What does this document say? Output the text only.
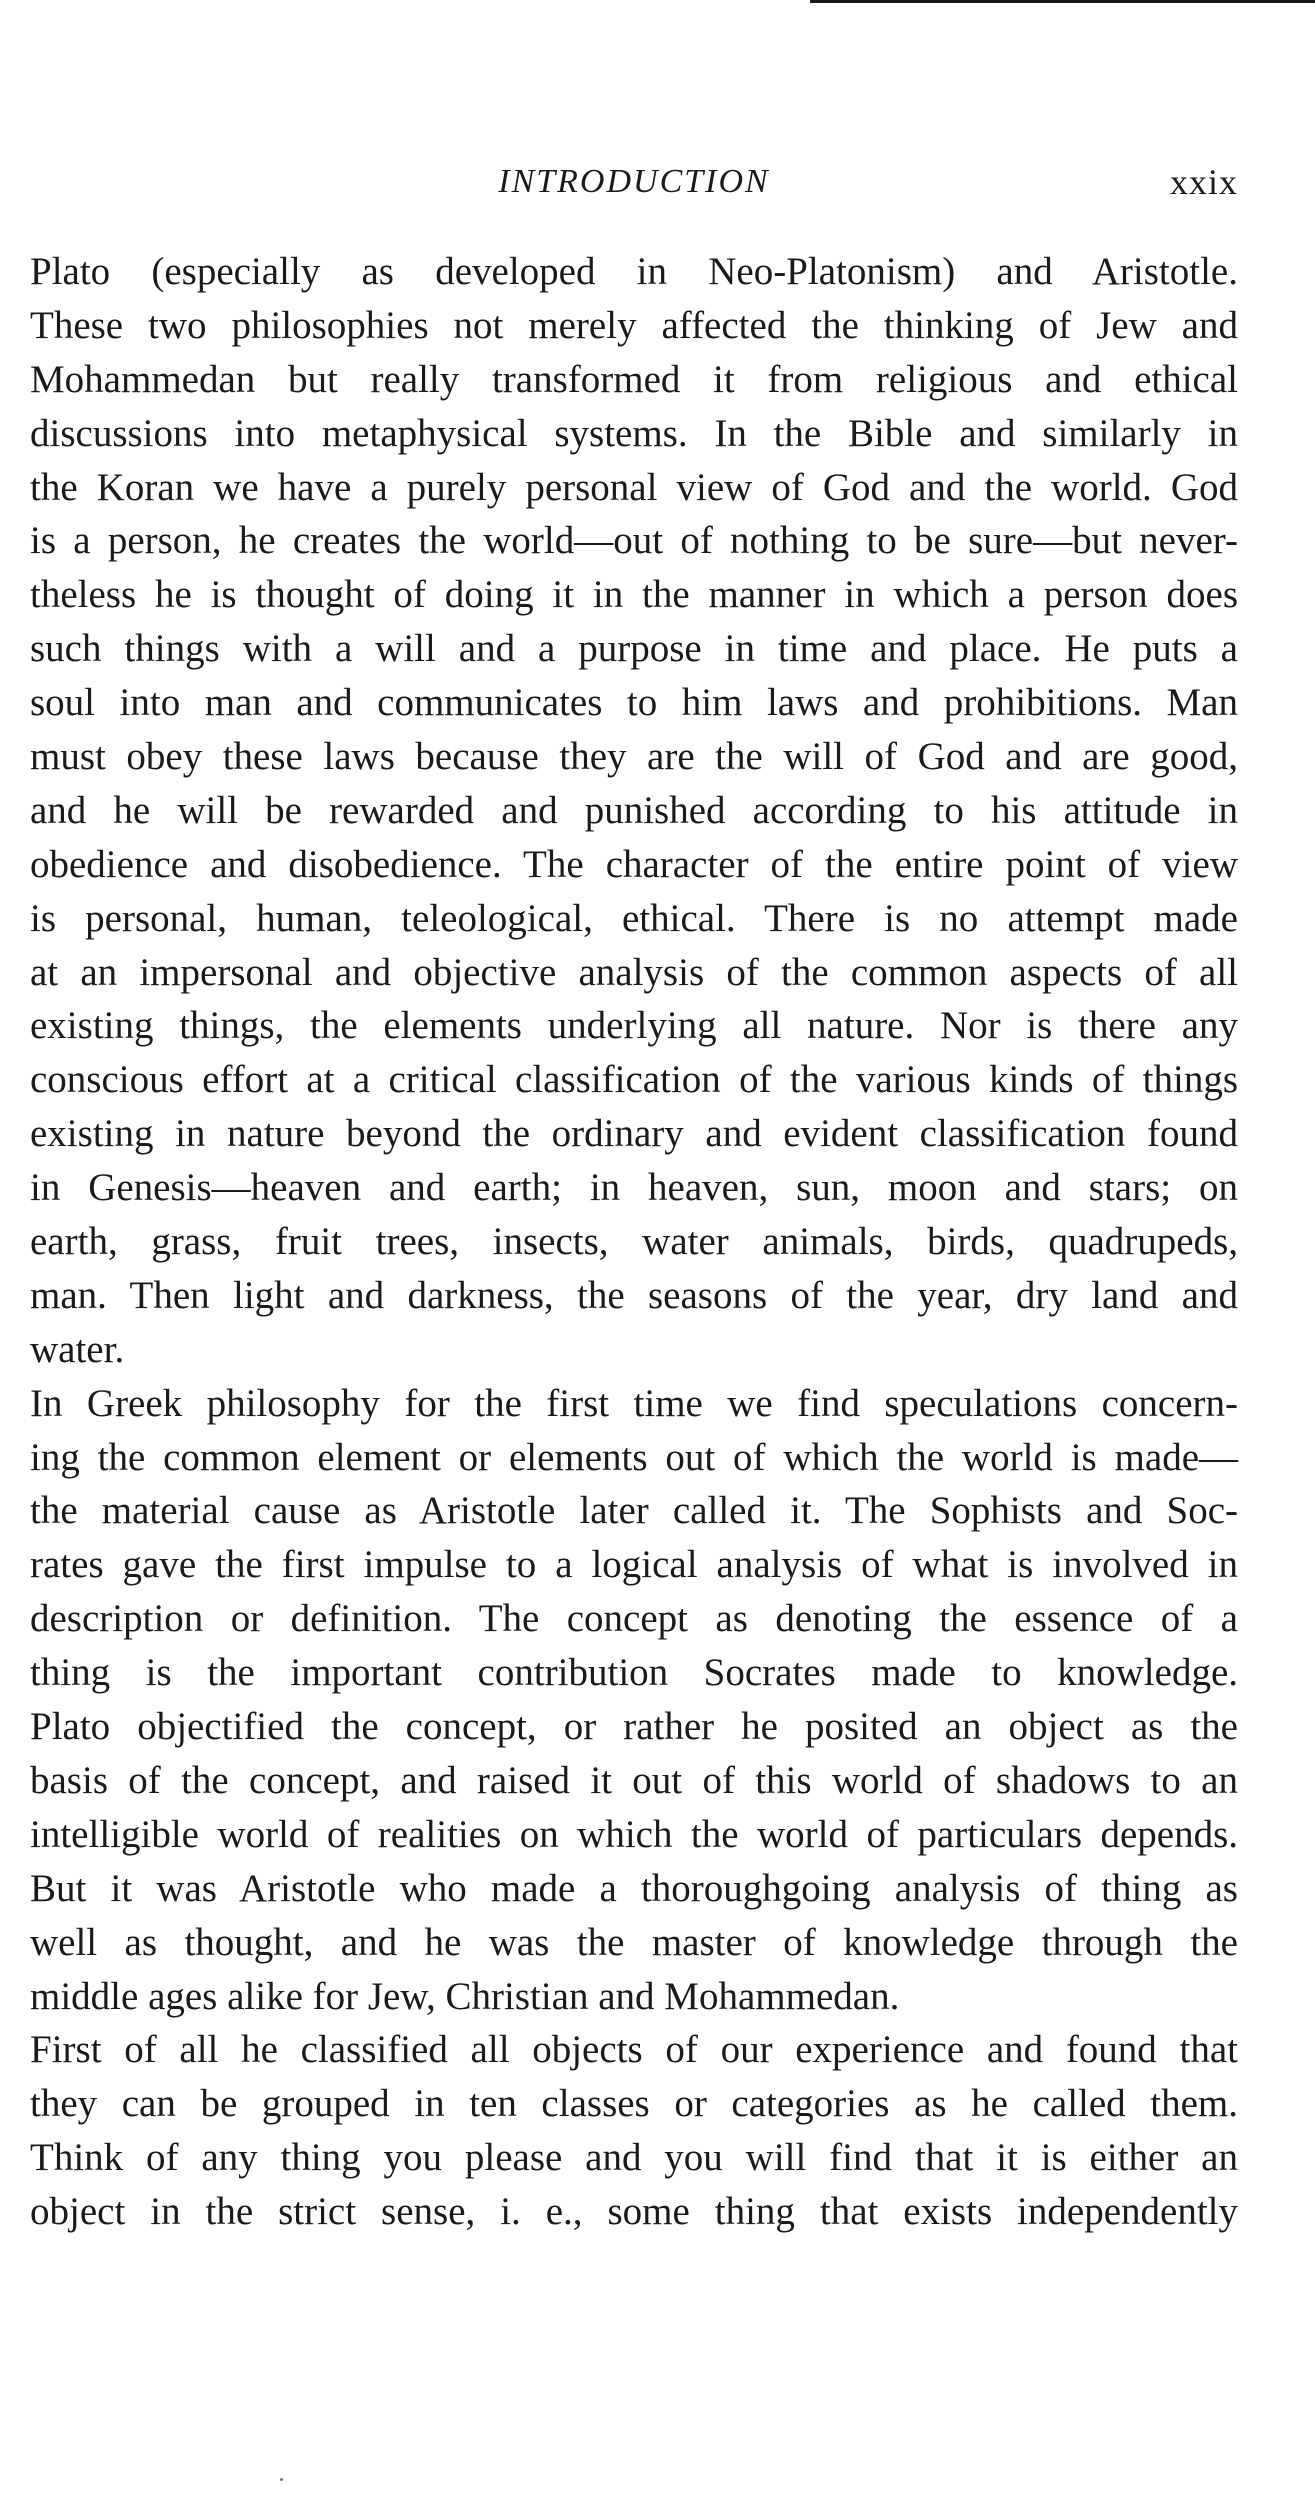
INTRODUCTION	xxix
Plato (especially as developed in Neo-Platonism) and Aristotle.
These two philosophies not merely affected the thinking of Jew and
Mohammedan but really transformed it from religious and ethical
discussions into metaphysical systems. In the Bible and similarly in
the Koran we have a purely personal view of God and the world. God
is a person, he creates the world—out of nothing to be sure—but never-
theless he is thought of doing it in the manner in which a person does
such things with a will and a purpose in time and place. He puts a
soul into man and communicates to him laws and prohibitions. Man
must obey these laws because they are the will of God and are good,
and he will be rewarded and punished according to his attitude in
obedience and disobedience. The character of the entire point of view
is personal, human, teleological, ethical. There is no attempt made
at an impersonal and objective analysis of the common aspects of all
existing things, the elements underlying all nature. Nor is there any
conscious effort at a critical classification of the various kinds of things
existing in nature beyond the ordinary and evident classification found
in Genesis—heaven and earth; in heaven, sun, moon and stars; on
earth, grass, fruit trees, insects, water animals, birds, quadrupeds,
man. Then light and darkness, the seasons of the year, dry land and
water.
In Greek philosophy for the first time we find speculations concern-
ing the common element or elements out of which the world is made—
the material cause as Aristotle later called it. The Sophists and Soc-
rates gave the first impulse to a logical analysis of what is involved in
description or definition. The concept as denoting the essence of a
thing is the important contribution Socrates made to knowledge.
Plato objectified the concept, or rather he posited an object as the
basis of the concept, and raised it out of this world of shadows to an
intelligible world of realities on which the world of particulars depends.
But it was Aristotle who made a thoroughgoing analysis of thing as
well as thought, and he was the master of knowledge through the
middle ages alike for Jew, Christian and Mohammedan.
First of all he classified all objects of our experience and found that
they can be grouped in ten classes or categories as he called them.
Think of any thing you please and you will find that it is either an
object in the strict sense, i. e., some thing that exists independently
